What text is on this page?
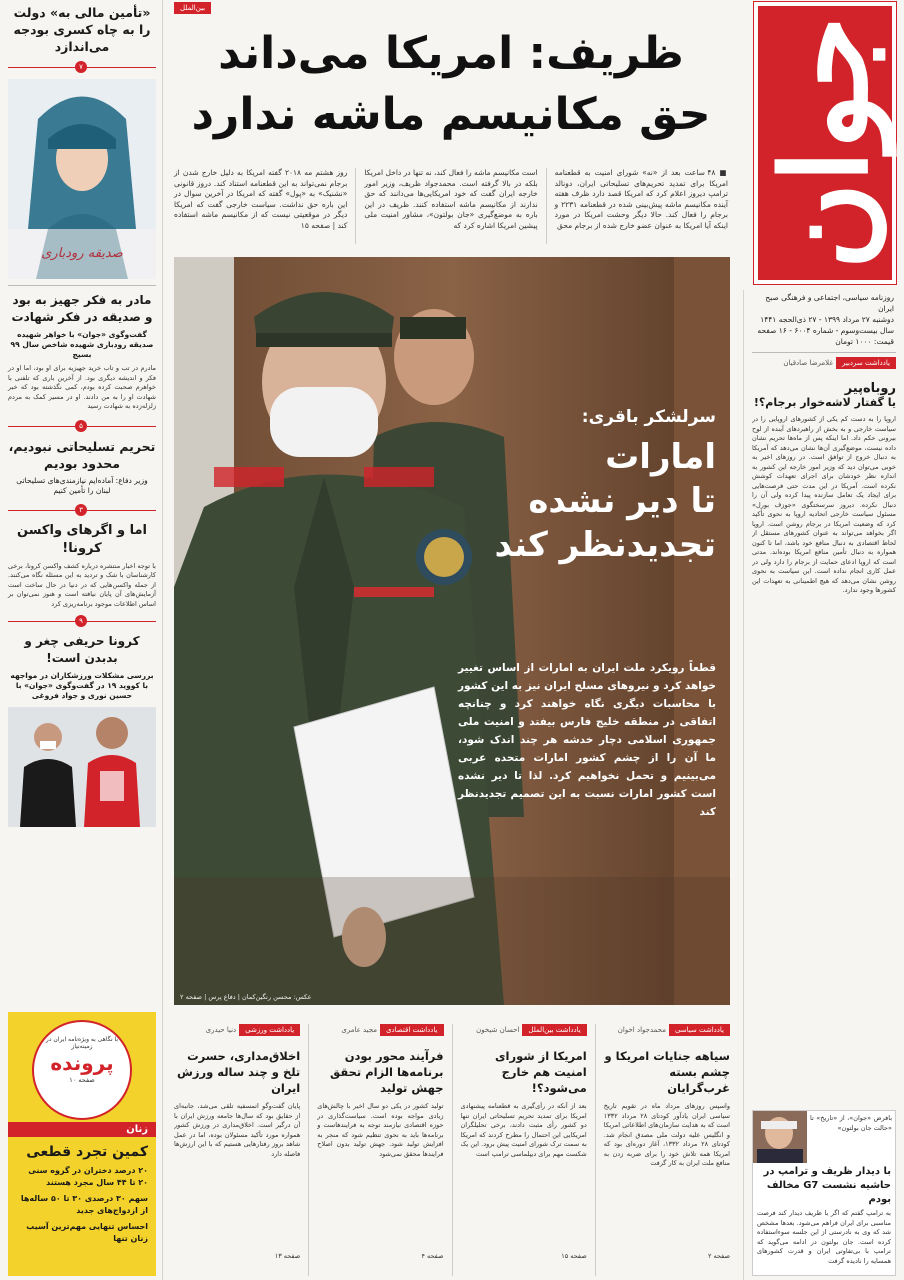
جوان
روزنامه سیاسی، اجتماعی و فرهنگی صبح ایران
دوشنبه ۲۷ مرداد ۱۳۹۹ - ۲۷ ذی‌الحجه ۱۴۴۱
سال بیست‌وسوم - شماره ۶۰۰۴ - ۱۶ صفحه
قیمت: ۱۰۰۰ تومان
یادداشت سردبیر
غلامرضا صادقیان
روباه‌پیر
یا گفتار لاشه‌خوار برجام؟!
اروپا را به دست کم یکی از کشورهای اروپایی را در سیاست خارجی و به بخش از راهبردهای آینده از لوح بیرونی حکم داد. اما اینکه پس از ماه‌ها تحریم نشان داده نیست، موضع‌گیری آن‌ها نشان می‌دهد که آمریکا به دنبال خروج از توافق است. در روزهای اخیر به خوبی می‌توان دید که وزیر امور خارجه این کشور به اندازه نظر خودشان برای اجرای تعهدات کوشش نکرده است. آمریکا در این مدت حتی فرصت‌هایی برای ایجاد یک تعامل سازنده پیدا کرده ولی آن را دنبال نکرده. دیروز سرسختگوی «جوزف بورل» مسئول سیاست خارجی اتحادیه اروپا به نحوی تأکید کرد که وضعیت امریکا در برجام روشن است. اروپا اگر بخواهد می‌تواند به عنوان کشورهای مستقل از لحاظ اقتصادی به دنبال منافع خود باشد، اما تا کنون همواره به دنبال تأمین منافع امریکا بوده‌اند. مدتی است که اروپا ادعای حمایت از برجام را دارد ولی در عمل کاری انجام نداده است. این سیاست به نحوی روشن نشان می‌دهد که هیچ اطمینانی به تعهدات این کشورها وجود ندارد.
بافرض «جوان»، از «تاریخ» تا «حالت جان بولتون»
با دیدار ظریف و ترامپ در حاشیه نشست G7 مخالف بودم
به ترامپ گفتم که اگر با ظریف دیدار کند فرصت مناسبی برای ایران فراهم می‌شود. بعدها مشخص شد که وی به نادرستی از این جلسه سوءاستفاده کرده است. جان بولتون در ادامه می‌گوید که ترامپ با بی‌تفاوتی ایران و قدرت کشورهای همسایه را نادیده گرفت
بین‌الملل
ظریف: امریکا می‌داند
حق مکانیسم ماشه ندارد
■ ۴۸ ساعت بعد از «نه» شورای امنیت به قطعنامه امریکا برای تمدید تحریم‌های تسلیحاتی ایران، دونالد ترامپ دیروز اعلام کرد که امریکا قصد دارد ظرف هفته آینده مکانیسم ماشه پیش‌بینی شده در قطعنامه ۲۲۳۱ و برجام را فعال کند. حالا دیگر وحشت امریکا در مورد اینکه آیا امریکا به عنوان عضو خارج شده از برجام محق
است مکانیسم ماشه را فعال کند، نه تنها در داخل امریکا بلکه در بالا گرفته است. محمدجواد ظریف، وزیر امور خارجه ایران گفت که خود امریکایی‌ها می‌دانند که حق ندارند از مکانیسم ماشه استفاده کنند. ظریف در این باره به موضع‌گیری «جان بولتون»، مشاور امنیت ملی پیشین امریکا اشاره کرد که
روز هشتم مه ۲۰۱۸ گفته امریکا به دلیل خارج شدن از برجام نمی‌تواند به این قطعنامه استناد کند. دروز قانونی «نشنیک» به «پول» گفته که امریکا در آخرین سوال در این باره حق نداشت. سیاست خارجی گفت که امریکا دیگر در موقعیتی نیست که از مکانیسم ماشه استفاده کند | صفحه ۱۵
سرلشکر باقری:
امارات
تا دیر نشده
تجدیدنظر کند
قطعاً رویکرد ملت ایران به امارات از اساس تغییر خواهد کرد و نیروهای مسلح ایران نیز به این کشور با محاسبات دیگری نگاه خواهند کرد و چنانچه اتفاقی در منطقه خلیج فارس بیفتد و امنیت ملی جمهوری اسلامی دچار خدشه هر چند اندک شود، ما آن را از چشم کشور امارات متحده عربی می‌بینیم و تحمل نخواهیم کرد. لذا تا دیر نشده است کشور امارات نسبت به این تصمیم تجدیدنظر کند
عکس: محسن رنگین‌کمان | دفاع پرس | صفحه ۲
یادداشت سیاسی
محمدجواد اخوان
سیاهه جنایات امریکا و چشم بسته غرب‌گرایان
واسپس روزهای مرداد ماه در تقویم تاریخ سیاسی ایران یادآور کودتای ۲۸ مرداد ۱۳۳۲ است که به هدایت سازمان‌های اطلاعاتی امریکا و انگلیس علیه دولت ملی مصدق انجام شد. کودتای ۲۸ مرداد ۱۳۳۲، آغاز دوره‌ای بود که امریکا همه تلاش خود را برای ضربه زدن به منافع ملت ایران به کار گرفت
صفحه ۲
یادداشت بین‌الملل
احسان شیخون
امریکا از شورای امنیت هم خارج می‌شود؟!
بعد از آنکه در رأی‌گیری به قطعنامه پیشنهادی امریکا برای تمدید تحریم تسلیحاتی ایران تنها دو کشور رأی مثبت دادند، برخی تحلیلگران امریکایی این احتمال را مطرح کردند که امریکا به سمت ترک شورای امنیت پیش برود. این یک شکست مهم برای دیپلماسی ترامپ است
صفحه ۱۵
یادداشت اقتصادی
مجید عامری
فرآیند محور بودن برنامه‌ها الزام تحقق جهش تولید
تولید کشور در یکی دو سال اخیر با چالش‌های زیادی مواجه بوده است. سیاست‌گذاری در حوزه اقتصادی نیازمند توجه به فرایندهاست و برنامه‌ها باید به نحوی تنظیم شود که منجر به افزایش تولید شود. جهش تولید بدون اصلاح فرایندها محقق نمی‌شود
صفحه ۴
یادداشت ورزشی
دنیا حیدری
اخلاق‌مداری، حسرت تلخ و چند ساله ورزش ایران
پایان گفت‌وگو اتمسفیه تلقی می‌شد، جانبه‌ای از حقایق بود که سال‌ها جامعه ورزش ایران با آن درگیر است. اخلاق‌مداری در ورزش کشور همواره مورد تأکید مسئولان بوده، اما در عمل شاهد بروز رفتارهایی هستیم که با این ارزش‌ها فاصله دارد
صفحه ۱۳
«تأمین مالی به» دولت را به چاه کسری بودجه می‌اندازد
۷
صدیقه رودباری
مادر به فکر جهیز به بود و صدیقه در فکر شهادت
گفت‌وگوی «جوان» با خواهر شهیده صدیقه رودباری شهیده شاخص سال ۹۹ بسیج
مادرم در تب و تاب خرید جهیزیه برای او بود، اما او در فکر و اندیشه دیگری بود. از آخرین باری که تلفنی با خواهرم صحبت کرده بودم، کمی نگذشته بود که خبر شهادت او را به من دادند. او در مسیر کمک به مردم زلزله‌زده به شهادت رسید
۵
تحریم تسلیحاتی نبودیم، محدود بودیم
وزیر دفاع: آماده‌ایم نیازمندی‌های تسلیحاتی لبنان را تأمین کنیم
۳
اما و اگرهای واکسن کرونا!
با توجه اخبار منتشره درباره کشف واکسن کرونا، برخی کارشناسان با شک و تردید به این مسئله نگاه می‌کنند. از جمله واکسن‌هایی که در دنیا در حال ساخت است آزمایش‌های آن پایان نیافته است و هنوز نمی‌توان بر اساس اطلاعات موجود برنامه‌ریزی کرد
۹
کرونا حریفی چغر و بدبدن است!
بررسی مشکلات ورزشکاران در مواجهه با کووید ۱۹ در گفت‌وگوی «جوان» با حسین نوری و جواد فروغی
با نگاهی به ویژه‌نامه ایران در زمینه‌نیاز
پرونده
صفحه ۱۰
زنان
کمین تجرد قطعی
۲۰ درصد دختران در گروه سنی ۲۰ تا ۴۴ سال مجرد هستند
سهم ۳۰ درصدی ۳۰ تا ۵۰ ساله‌ها از ازدواج‌های جدید
احساس تنهایی مهم‌ترین آسیب زنان تنها
